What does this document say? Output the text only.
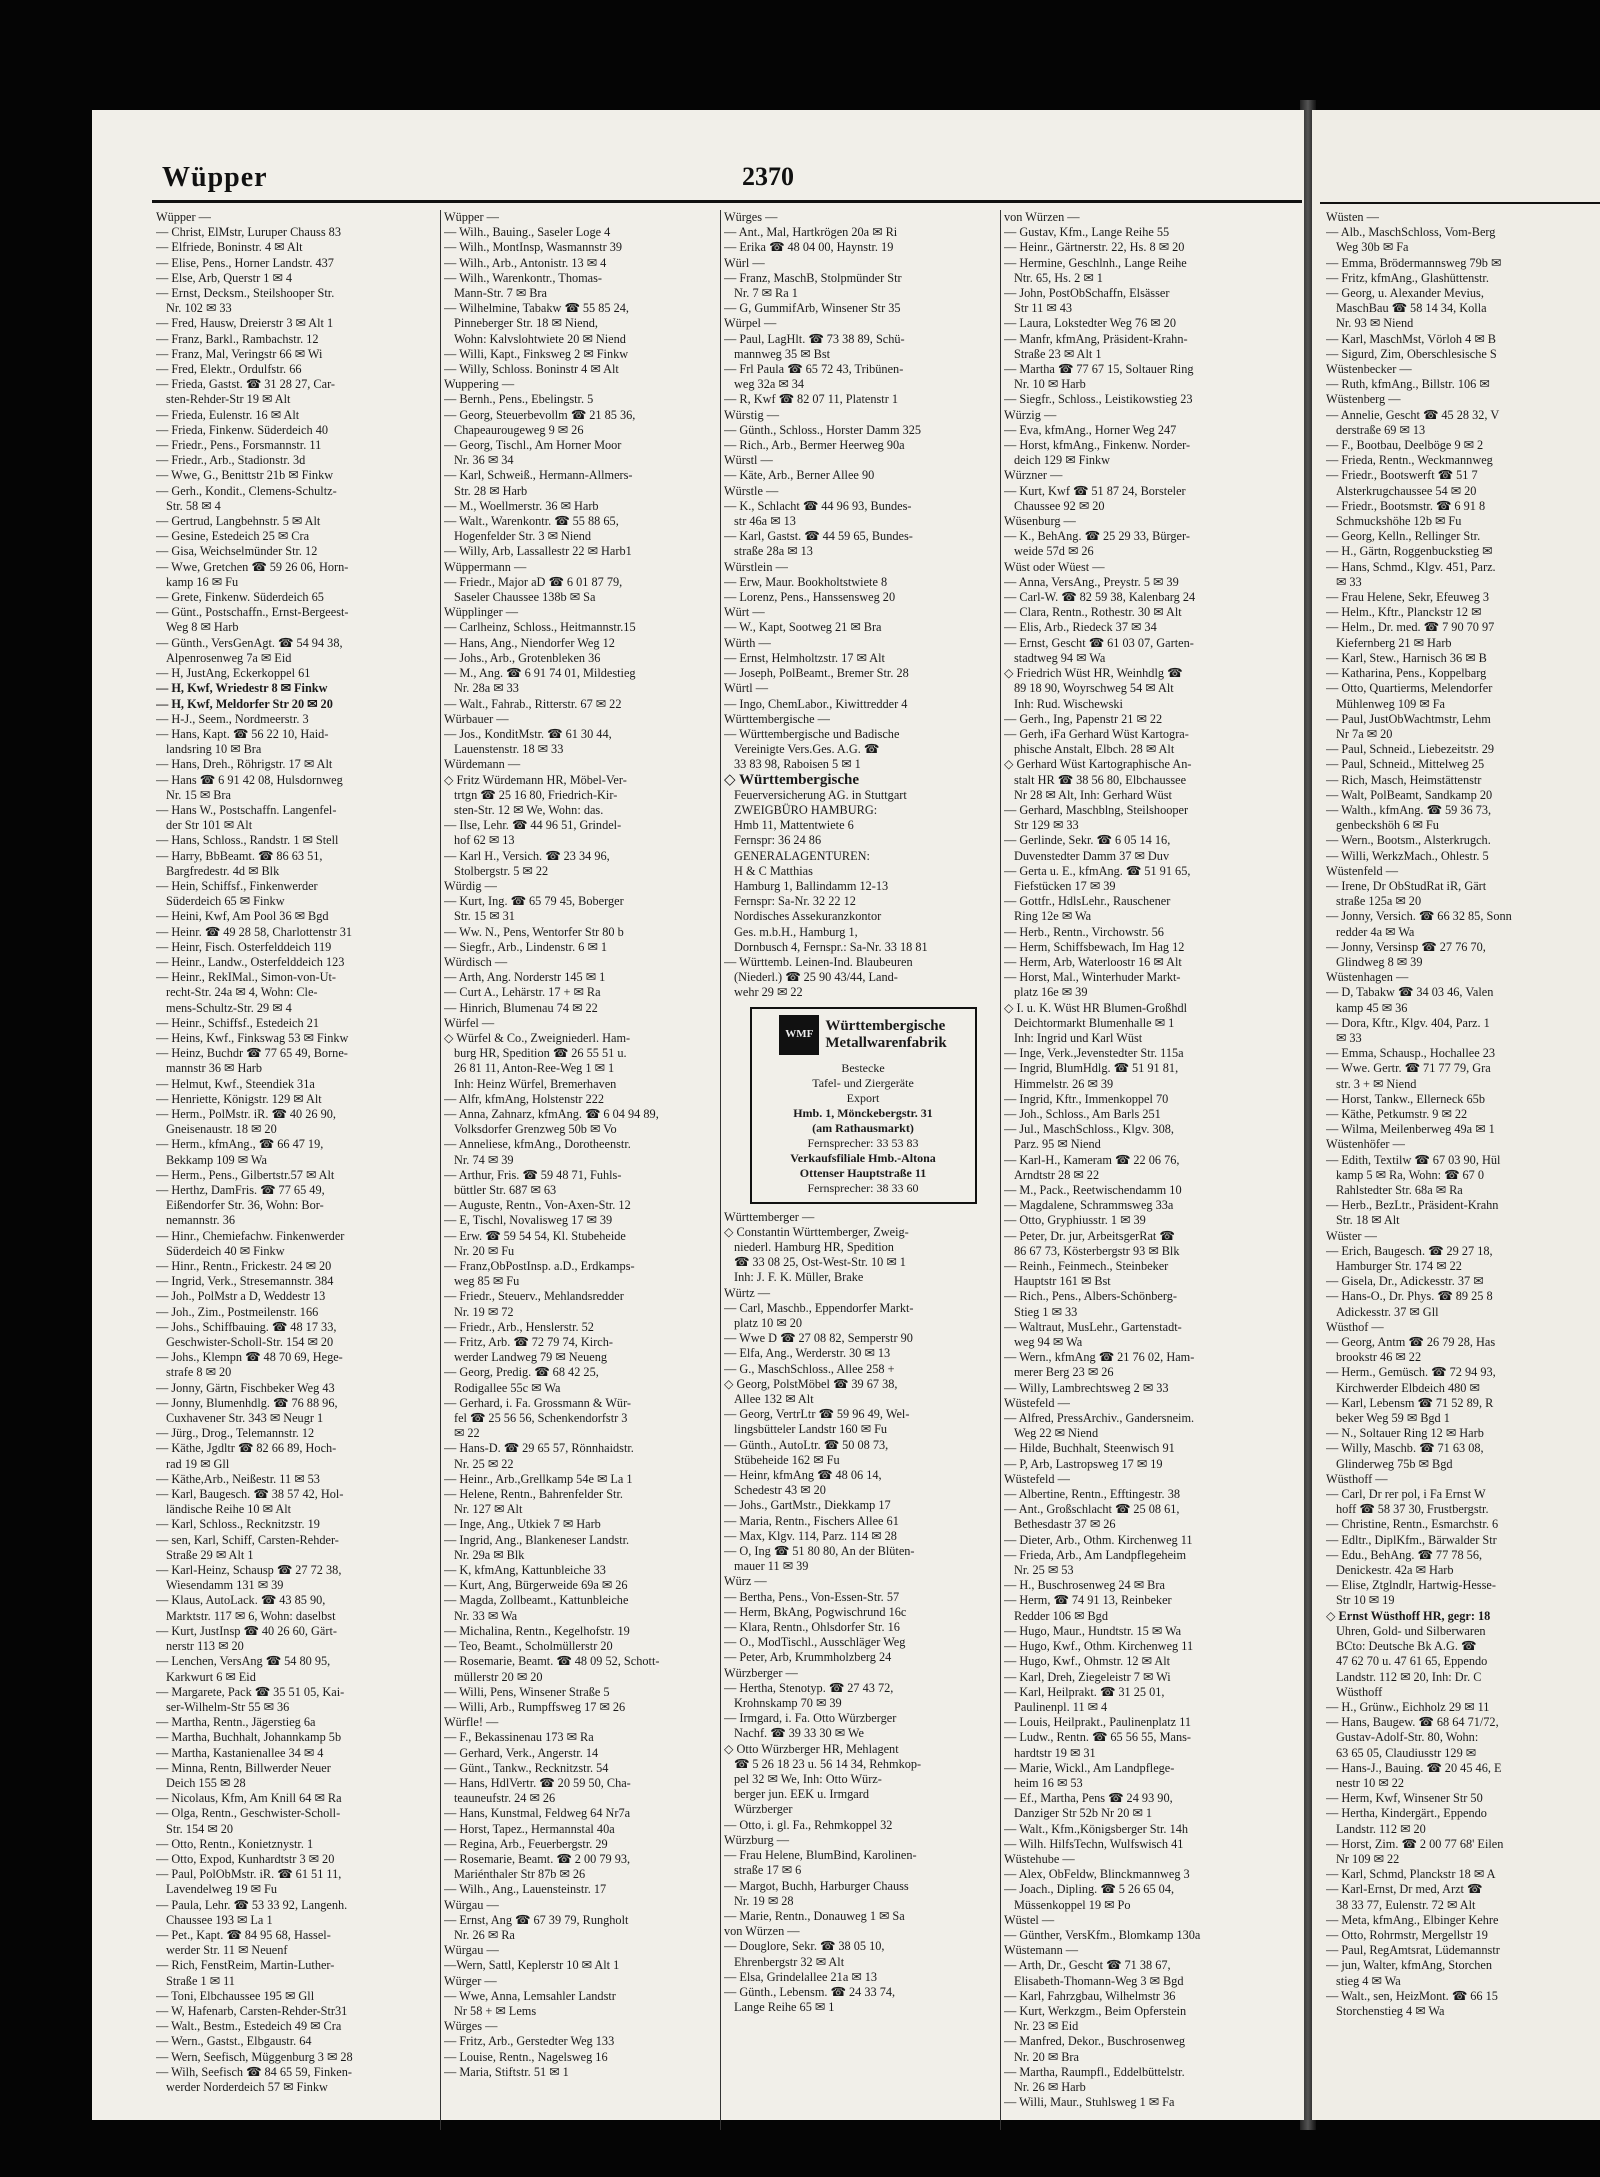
Wüpper	2370
Wüpper —
— Christ, ElMstr, Luruper Chauss 83
— Elfriede, Boninstr. 4 ✉ Alt
— Elise, Pens., Horner Landstr. 437
— Else, Arb, Querstr 1 ✉ 4
— Ernst, Decksm., Steilshooper Str.
Nr. 102 ✉ 33
— Fred, Hausw, Dreierstr 3 ✉ Alt 1
— Franz, Barkl., Rambachstr. 12
— Franz, Mal, Veringstr 66 ✉ Wi
— Fred, Elektr., Ordulfstr. 66
— Frieda, Gastst. ☎ 31 28 27, Car-
sten-Rehder-Str 19 ✉ Alt
— Frieda, Eulenstr. 16 ✉ Alt
— Frieda, Finkenw. Süderdeich 40
— Friedr., Pens., Forsmannstr. 11
— Friedr., Arb., Stadionstr. 3d
— Wwe, G., Benittstr 21b ✉ Finkw
— Gerh., Kondit., Clemens-Schultz-
Str. 58 ✉ 4
— Gertrud, Langbehnstr. 5 ✉ Alt
— Gesine, Estedeich 25 ✉ Cra
— Gisa, Weichselmünder Str. 12
— Wwe, Gretchen ☎ 59 26 06, Horn-
kamp 16 ✉ Fu
— Grete, Finkenw. Süderdeich 65
— Günt., Postschaffn., Ernst-Bergeest-
Weg 8 ✉ Harb
— Günth., VersGenAgt. ☎ 54 94 38,
Alpenrosenweg 7a ✉ Eid
— H, JustAng, Eckerkoppel 61
— H, Kwf, Wriedestr 8 ✉ Finkw
— H, Kwf, Meldorfer Str 20 ✉ 20
— H-J., Seem., Nordmeerstr. 3
— Hans, Kapt. ☎ 56 22 10, Haid-
landsring 10 ✉ Bra
— Hans, Dreh., Röhrigstr. 17 ✉ Alt
— Hans ☎ 6 91 42 08, Hulsdornweg
Nr. 15 ✉ Bra
— Hans W., Postschaffn. Langenfel-
der Str 101 ✉ Alt
— Hans, Schloss., Randstr. 1 ✉ Stell
— Harry, BbBeamt. ☎ 86 63 51,
Bargfredestr. 4d ✉ Blk
— Hein, Schiffsf., Finkenwerder
Süderdeich 65 ✉ Finkw
— Heini, Kwf, Am Pool 36 ✉ Bgd
— Heinr. ☎ 49 28 58, Charlottenstr 31
— Heinr, Fisch. Osterfelddeich 119
— Heinr., Landw., Osterfelddeich 123
— Heinr., RekIMal., Simon-von-Ut-
recht-Str. 24a ✉ 4, Wohn: Cle-
mens-Schultz-Str. 29 ✉ 4
— Heinr., Schiffsf., Estedeich 21
— Heins, Kwf., Finkswag 53 ✉ Finkw
— Heinz, Buchdr ☎ 77 65 49, Borne-
mannstr 36 ✉ Harb
— Helmut, Kwf., Steendiek 31a
— Henriette, Königstr. 129 ✉ Alt
— Herm., PolMstr. iR. ☎ 40 26 90,
Gneisenaustr. 18 ✉ 20
— Herm., kfmAng., ☎ 66 47 19,
Bekkamp 109 ✉ Wa
— Herm., Pens., Gilbertstr.57 ✉ Alt
— Herthz, DamFris. ☎ 77 65 49,
Eißendorfer Str. 36, Wohn: Bor-
nemannstr. 36
— Hinr., Chemiefachw. Finkenwerder
Süderdeich 40 ✉ Finkw
— Hinr., Rentn., Frickestr. 24 ✉ 20
— Ingrid, Verk., Stresemannstr. 384
— Joh., PolMstr a D, Weddestr 13
— Joh., Zim., Postmeilenstr. 166
— Johs., Schiffbauing. ☎ 48 17 33,
Geschwister-Scholl-Str. 154 ✉ 20
— Johs., Klempn ☎ 48 70 69, Hege-
strafe 8 ✉ 20
— Jonny, Gärtn, Fischbeker Weg 43
— Jonny, Blumenhdlg. ☎ 76 88 96,
Cuxhavener Str. 343 ✉ Neugr 1
— Jürg., Drog., Telemannstr. 12
— Käthe, Jgdltr ☎ 82 66 89, Hoch-
rad 19 ✉ Gll
— Käthe,Arb., Neißestr. 11 ✉ 53
— Karl, Baugesch. ☎ 38 57 42, Hol-
ländische Reihe 10 ✉ Alt
— Karl, Schloss., Recknitzstr. 19
— sen, Karl, Schiff, Carsten-Rehder-
Straße 29 ✉ Alt 1
— Karl-Heinz, Schausp ☎ 27 72 38,
Wiesendamm 131 ✉ 39
— Klaus, AutoLack. ☎ 43 85 90,
Marktstr. 117 ✉ 6, Wohn: daselbst
— Kurt, JustInsp ☎ 40 26 60, Gärt-
nerstr 113 ✉ 20
— Lenchen, VersAng ☎ 54 80 95,
Karkwurt 6 ✉ Eid
— Margarete, Pack ☎ 35 51 05, Kai-
ser-Wilhelm-Str 55 ✉ 36
— Martha, Rentn., Jägerstieg 6a
— Martha, Buchhalt, Johannkamp 5b
— Martha, Kastanienallee 34 ✉ 4
— Minna, Rentn, Billwerder Neuer
Deich 155 ✉ 28
— Nicolaus, Kfm, Am Knill 64 ✉ Ra
— Olga, Rentn., Geschwister-Scholl-
Str. 154 ✉ 20
— Otto, Rentn., Konietznystr. 1
— Otto, Expod, Kunhardtstr 3 ✉ 20
— Paul, PolObMstr. iR. ☎ 61 51 11,
Lavendelweg 19 ✉ Fu
— Paula, Lehr. ☎ 53 33 92, Langenh.
Chaussee 193 ✉ La 1
— Pet., Kapt. ☎ 84 95 68, Hassel-
werder Str. 11 ✉ Neuenf
— Rich, FenstReim, Martin-Luther-
Straße 1 ✉ 11
— Toni, Elbchaussee 195 ✉ Gll
— W, Hafenarb, Carsten-Rehder-Str31
— Walt., Bestm., Estedeich 49 ✉ Cra
— Wern., Gastst., Elbgaustr. 64
— Wern, Seefisch, Müggenburg 3 ✉ 28
— Wilh, Seefisch ☎ 84 65 59, Finken-
werder Norderdeich 57 ✉ Finkw
Wüpper —
— Wilh., Bauing., Saseler Loge 4
— Wilh., MontInsp, Wasmannstr 39
— Wilh., Arb., Antonistr. 13 ✉ 4
— Wilh., Warenkontr., Thomas-
Mann-Str. 7 ✉ Bra
— Wilhelmine, Tabakw ☎ 55 85 24,
Pinneberger Str. 18 ✉ Niend,
Wohn: Kalvslohtwiete 20 ✉ Niend
— Willi, Kapt., Finksweg 2 ✉ Finkw
— Willy, Schloss. Boninstr 4 ✉ Alt
Wuppering —
— Bernh., Pens., Ebelingstr. 5
— Georg, Steuerbevollm ☎ 21 85 36,
Chapeaurougeweg 9 ✉ 26
— Georg, Tischl., Am Horner Moor
Nr. 36 ✉ 34
— Karl, Schweiß., Hermann-Allmers-
Str. 28 ✉ Harb
— M., Woellmerstr. 36 ✉ Harb
— Walt., Warenkontr. ☎ 55 88 65,
Hogenfelder Str. 3 ✉ Niend
— Willy, Arb, Lassallestr 22 ✉ Harb1
Wüppermann —
— Friedr., Major aD ☎ 6 01 87 79,
Saseler Chaussee 138b ✉ Sa
Wüpplinger —
— Carlheinz, Schloss., Heitmannstr.15
— Hans, Ang., Niendorfer Weg 12
— Johs., Arb., Grotenbleken 36
— M., Ang. ☎ 6 91 74 01, Mildestieg
Nr. 28a ✉ 33
— Walt., Fahrab., Ritterstr. 67 ✉ 22
Würbauer —
— Jos., KonditMstr. ☎ 61 30 44,
Lauenstenstr. 18 ✉ 33
Würdemann —
◇ Fritz Würdemann HR, Möbel-Ver-
trtgn ☎ 25 16 80, Friedrich-Kir-
sten-Str. 12 ✉ We, Wohn: das.
— Ilse, Lehr. ☎ 44 96 51, Grindel-
hof 62 ✉ 13
— Karl H., Versich. ☎ 23 34 96,
Stolbergstr. 5 ✉ 22
Würdig —
— Kurt, Ing. ☎ 65 79 45, Boberger
Str. 15 ✉ 31
— Ww. N., Pens, Wentorfer Str 80 b
— Siegfr., Arb., Lindenstr. 6 ✉ 1
Würdisch —
— Arth, Ang. Norderstr 145 ✉ 1
— Curt A., Lehärstr. 17 + ✉ Ra
— Hinrich, Blumenau 74 ✉ 22
Würfel —
◇ Würfel & Co., Zweigniederl. Ham-
burg HR, Spedition ☎ 26 55 51 u.
26 81 11, Anton-Ree-Weg 1 ✉ 1
Inh: Heinz Würfel, Bremerhaven
— Alfr, kfmAng, Holstenstr 222
— Anna, Zahnarz, kfmAng. ☎ 6 04 94 89,
Volksdorfer Grenzweg 50b ✉ Vo
— Anneliese, kfmAng., Dorotheenstr.
Nr. 74 ✉ 39
— Arthur, Fris. ☎ 59 48 71, Fuhls-
büttler Str. 687 ✉ 63
— Auguste, Rentn., Von-Axen-Str. 12
— E, Tischl, Novalisweg 17 ✉ 39
— Erw. ☎ 59 54 54, Kl. Stubeheide
Nr. 20 ✉ Fu
— Franz,ObPostInsp. a.D., Erdkamps-
weg 85 ✉ Fu
— Friedr., Steuerv., Mehlandsredder
Nr. 19 ✉ 72
— Friedr., Arb., Henslerstr. 52
— Fritz, Arb. ☎ 72 79 74, Kirch-
werder Landweg 79 ✉ Neueng
— Georg, Predig. ☎ 68 42 25,
Rodigallee 55c ✉ Wa
— Gerhard, i. Fa. Grossmann & Wür-
fel ☎ 25 56 56, Schenkendorfstr 3
✉ 22
— Hans-D. ☎ 29 65 57, Rönnhaidstr.
Nr. 25 ✉ 22
— Heinr., Arb.,Grellkamp 54e ✉ La 1
— Helene, Rentn., Bahrenfelder Str.
Nr. 127 ✉ Alt
— Inge, Ang., Utkiek 7 ✉ Harb
— Ingrid, Ang., Blankeneser Landstr.
Nr. 29a ✉ Blk
— K, kfmAng, Kattunbleiche 33
— Kurt, Ang, Bürgerweide 69a ✉ 26
— Magda, Zollbeamt., Kattunbleiche
Nr. 33 ✉ Wa
— Michalina, Rentn., Kegelhofstr. 19
— Teo, Beamt., Scholmüllerstr 20
— Rosemarie, Beamt. ☎ 48 09 52, Schott-
müllerstr 20 ✉ 20
— Willi, Pens, Winsener Straße 5
— Willi, Arb., Rumpffsweg 17 ✉ 26
Würfle! —
— F., Bekassinenau 173 ✉ Ra
— Gerhard, Verk., Angerstr. 14
— Günt., Tankw., Recknitzstr. 54
— Hans, HdlVertr. ☎ 20 59 50, Cha-
teauneufstr. 24 ✉ 26
— Hans, Kunstmal, Feldweg 64 Nr7a
— Horst, Tapez., Hermannstal 40a
— Regina, Arb., Feuerbergstr. 29
— Rosemarie, Beamt. ☎ 2 00 79 93,
Mariénthaler Str 87b ✉ 26
— Wilh., Ang., Lauensteinstr. 17
Würgau —
— Ernst, Ang ☎ 67 39 79, Rungholt
Nr. 26 ✉ Ra
Würgau —
—Wern, Sattl, Keplerstr 10 ✉ Alt 1
Würger —
— Wwe, Anna, Lemsahler Landstr
Nr 58 + ✉ Lems
Würges —
— Fritz, Arb., Gerstedter Weg 133
— Louise, Rentn., Nagelsweg 16
— Maria, Stiftstr. 51 ✉ 1
Würges —
— Ant., Mal, Hartkrögen 20a ✉ Ri
— Erika ☎ 48 04 00, Haynstr. 19
Würl —
— Franz, MaschB, Stolpmünder Str
Nr. 7 ✉ Ra 1
— G, GummifArb, Winsener Str 35
Würpel —
— Paul, LagHlt. ☎ 73 38 89, Schü-
mannweg 35 ✉ Bst
— Frl Paula ☎ 65 72 43, Tribünen-
weg 32a ✉ 34
— R, Kwf ☎ 82 07 11, Platenstr 1
Würstig —
— Günth., Schloss., Horster Damm 325
— Rich., Arb., Bermer Heerweg 90a
Würstl —
— Käte, Arb., Berner Allee 90
Würstle —
— K., Schlacht ☎ 44 96 93, Bundes-
str 46a ✉ 13
— Karl, Gastst. ☎ 44 59 65, Bundes-
straße 28a ✉ 13
Würstlein —
— Erw, Maur. Bookholtstwiete 8
— Lorenz, Pens., Hanssensweg 20
Würt —
— W., Kapt, Sootweg 21 ✉ Bra
Würth —
— Ernst, Helmholtzstr. 17 ✉ Alt
— Joseph, PolBeamt., Bremer Str. 28
Würtl —
— Ingo, ChemLabor., Kiwittredder 4
Württembergische —
— Württembergische und Badische
Vereinigte Vers.Ges. A.G. ☎
33 83 98, Raboisen 5 ✉ 1
◇ Württembergische
Feuerversicherung AG. in Stuttgart
ZWEIGBÜRO HAMBURG:
Hmb 11, Mattentwiete 6
Fernspr: 36 24 86
GENERALAGENTUREN:
H & C Matthias
Hamburg 1, Ballindamm 12-13
Fernspr: Sa-Nr. 32 22 12
Nordisches Assekuranzkontor
Ges. m.b.H., Hamburg 1,
Dornbusch 4, Fernspr.: Sa-Nr. 33 18 81
— Württemb. Leinen-Ind. Blaubeuren
(Niederl.) ☎ 25 90 43/44, Land-
wehr 29 ✉ 22
WMF
Württembergische
Metallwarenfabrik
Bestecke
Tafel- und Ziergeräte
Export
Hmb. 1, Mönckebergstr. 31
(am Rathausmarkt)
Fernsprecher: 33 53 83
Verkaufsfiliale Hmb.-Altona
Ottenser Hauptstraße 11
Fernsprecher: 38 33 60
Württemberger —
◇ Constantin Württemberger, Zweig-
niederl. Hamburg HR, Spedition
☎ 33 08 25, Ost-West-Str. 10 ✉ 1
Inh: J. F. K. Müller, Brake
Würtz —
— Carl, Maschb., Eppendorfer Markt-
platz 10 ✉ 20
— Wwe D ☎ 27 08 82, Semperstr 90
— Elfa, Ang., Werderstr. 30 ✉ 13
— G., MaschSchloss., Allee 258 +
◇ Georg, PolstMöbel ☎ 39 67 38,
Allee 132 ✉ Alt
— Georg, VertrLtr ☎ 59 96 49, Wel-
lingsbütteler Landstr 160 ✉ Fu
— Günth., AutoLtr. ☎ 50 08 73,
Stübeheide 162 ✉ Fu
— Heinr, kfmAng ☎ 48 06 14,
Schedestr 43 ✉ 20
— Johs., GartMstr., Diekkamp 17
— Maria, Rentn., Fischers Allee 61
— Max, Klgv. 114, Parz. 114 ✉ 28
— O, Ing ☎ 51 80 80, An der Blüten-
mauer 11 ✉ 39
Würz —
— Bertha, Pens., Von-Essen-Str. 57
— Herm, BkAng, Pogwischrund 16c
— Klara, Rentn., Ohlsdorfer Str. 16
— O., ModTischl., Ausschläger Weg
— Peter, Arb, Krummholzberg 24
Würzberger —
— Hertha, Stenotyp. ☎ 27 43 72,
Krohnskamp 70 ✉ 39
— Irmgard, i. Fa. Otto Würzberger
Nachf. ☎ 39 33 30 ✉ We
◇ Otto Würzberger HR, Mehlagent
☎ 5 26 18 23 u. 56 14 34, Rehmkop-
pel 32 ✉ We, Inh: Otto Würz-
berger jun. EEK u. Irmgard
Würzberger
— Otto, i. gl. Fa., Rehmkoppel 32
Würzburg —
— Frau Helene, BlumBind, Karolinen-
straße 17 ✉ 6
— Margot, Buchh, Harburger Chauss
Nr. 19 ✉ 28
— Marie, Rentn., Donauweg 1 ✉ Sa
von Würzen —
— Douglore, Sekr. ☎ 38 05 10,
Ehrenbergstr 32 ✉ Alt
— Elsa, Grindelallee 21a ✉ 13
— Günth., Lebensm. ☎ 24 33 74,
Lange Reihe 65 ✉ 1
von Würzen —
— Gustav, Kfm., Lange Reihe 55
— Heinr., Gärtnerstr. 22, Hs. 8 ✉ 20
— Hermine, Geschlnh., Lange Reihe
Ntr. 65, Hs. 2 ✉ 1
— John, PostObSchaffn, Elsässer
Str 11 ✉ 43
— Laura, Lokstedter Weg 76 ✉ 20
— Manfr, kfmAng, Präsident-Krahn-
Straße 23 ✉ Alt 1
— Martha ☎ 77 67 15, Soltauer Ring
Nr. 10 ✉ Harb
— Siegfr., Schloss., Leistikowstieg 23
Würzig —
— Eva, kfmAng., Horner Weg 247
— Horst, kfmAng., Finkenw. Norder-
deich 129 ✉ Finkw
Würzner —
— Kurt, Kwf ☎ 51 87 24, Borsteler
Chaussee 92 ✉ 20
Wüsenburg —
— K., BehAng. ☎ 25 29 33, Bürger-
weide 57d ✉ 26
Wüst oder Wüest —
— Anna, VersAng., Preystr. 5 ✉ 39
— Carl-W. ☎ 82 59 38, Kalenbarg 24
— Clara, Rentn., Rothestr. 30 ✉ Alt
— Elis, Arb., Riedeck 37 ✉ 34
— Ernst, Gescht ☎ 61 03 07, Garten-
stadtweg 94 ✉ Wa
◇ Friedrich Wüst HR, Weinhdlg ☎
89 18 90, Woyrschweg 54 ✉ Alt
Inh: Rud. Wischewski
— Gerh., Ing, Papenstr 21 ✉ 22
— Gerh, iFa Gerhard Wüst Kartogra-
phische Anstalt, Elbch. 28 ✉ Alt
◇ Gerhard Wüst Kartographische An-
stalt HR ☎ 38 56 80, Elbchaussee
Nr 28 ✉ Alt, Inh: Gerhard Wüst
— Gerhard, Maschblng, Steilshooper
Str 129 ✉ 33
— Gerlinde, Sekr. ☎ 6 05 14 16,
Duvenstedter Damm 37 ✉ Duv
— Gerta u. E., kfmAng. ☎ 51 91 65,
Fiefstücken 17 ✉ 39
— Gottfr., HdlsLehr., Rauschener
Ring 12e ✉ Wa
— Herb., Rentn., Virchowstr. 56
— Herm, Schiffsbewach, Im Hag 12
— Herm, Arb, Waterloostr 16 ✉ Alt
— Horst, Mal., Winterhuder Markt-
platz 16e ✉ 39
◇ I. u. K. Wüst HR Blumen-Großhdl
Deichtormarkt Blumenhalle ✉ 1
Inh: Ingrid und Karl Wüst
— Inge, Verk.,Jevenstedter Str. 115a
— Ingrid, BlumHdlg. ☎ 51 91 81,
Himmelstr. 26 ✉ 39
— Ingrid, Kftr., Immenkoppel 70
— Joh., Schloss., Am Barls 251
— Jul., MaschSchloss., Klgv. 308,
Parz. 95 ✉ Niend
— Karl-H., Kameram ☎ 22 06 76,
Arndtstr 28 ✉ 22
— M., Pack., Reetwischendamm 10
— Magdalene, Schrammsweg 33a
— Otto, Gryphiusstr. 1 ✉ 39
— Peter, Dr. jur, ArbeitsgerRat ☎
86 67 73, Kösterbergstr 93 ✉ Blk
— Reinh., Feinmech., Steinbeker
Hauptstr 161 ✉ Bst
— Rich., Pens., Albers-Schönberg-
Stieg 1 ✉ 33
— Waltraut, MusLehr., Gartenstadt-
weg 94 ✉ Wa
— Wern., kfmAng ☎ 21 76 02, Ham-
merer Berg 23 ✉ 26
— Willy, Lambrechtsweg 2 ✉ 33
Wüstefeld —
— Alfred, PressArchiv., Gandersneim.
Weg 22 ✉ Niend
— Hilde, Buchhalt, Steenwisch 91
— P, Arb, Lastropsweg 17 ✉ 19
Wüstefeld —
— Albertine, Rentn., Efftingestr. 38
— Ant., Großschlacht ☎ 25 08 61,
Bethesdastr 37 ✉ 26
— Dieter, Arb., Othm. Kirchenweg 11
— Frieda, Arb., Am Landpflegeheim
Nr. 25 ✉ 53
— H., Buschrosenweg 24 ✉ Bra
— Herm, ☎ 74 91 13, Reinbeker
Redder 106 ✉ Bgd
— Hugo, Maur., Hundtstr. 15 ✉ Wa
— Hugo, Kwf., Othm. Kirchenweg 11
— Hugo, Kwf., Ohmstr. 12 ✉ Alt
— Karl, Dreh, Ziegeleistr 7 ✉ Wi
— Karl, Heilprakt. ☎ 31 25 01,
Paulinenpl. 11 ✉ 4
— Louis, Heilprakt., Paulinenplatz 11
— Ludw., Rentn. ☎ 65 56 55, Mans-
hardtstr 19 ✉ 31
— Marie, Wickl., Am Landpflege-
heim 16 ✉ 53
— Ef., Martha, Pens ☎ 24 93 90,
Danziger Str 52b Nr 20 ✉ 1
— Walt., Kfm.,Königsberger Str. 14h
— Wilh. HilfsTechn, Wulfswisch 41
Wüstehube —
— Alex, ObFeldw, Blinckmannweg 3
— Joach., Dipling. ☎ 5 26 65 04,
Müssenkoppel 19 ✉ Po
Wüstel —
— Günther, VersKfm., Blomkamp 130a
Wüstemann —
— Arth, Dr., Gescht ☎ 71 38 67,
Elisabeth-Thomann-Weg 3 ✉ Bgd
— Karl, Fahrzgbau, Wilhelmstr 36
— Kurt, Werkzgm., Beim Opferstein
Nr. 23 ✉ Eid
— Manfred, Dekor., Buschrosenweg
Nr. 20 ✉ Bra
— Martha, Raumpfl., Eddelbüttelstr.
Nr. 26 ✉ Harb
— Willi, Maur., Stuhlsweg 1 ✉ Fa
Wüsten —
— Alb., MaschSchloss, Vom-Berg
Weg 30b ✉ Fa
— Emma, Brödermannsweg 79b ✉
— Fritz, kfmAng., Glashüttenstr.
— Georg, u. Alexander Mevius,
MaschBau ☎ 58 14 34, Kolla
Nr. 93 ✉ Niend
— Karl, MaschMst, Vörloh 4 ✉ B
— Sigurd, Zim, Oberschlesische S
Wüstenbecker —
— Ruth, kfmAng., Billstr. 106 ✉
Wüstenberg —
— Annelie, Gescht ☎ 45 28 32, V
derstraße 69 ✉ 13
— F., Bootbau, Deelböge 9 ✉ 2
— Frieda, Rentn., Weckmannweg
— Friedr., Bootswerft ☎ 51 7
Alsterkrugchaussee 54 ✉ 20
— Friedr., Bootsmstr. ☎ 6 91 8
Schmuckshöhe 12b ✉ Fu
— Georg, Kelln., Rellinger Str.
— H., Gärtn, Roggenbuckstieg ✉
— Hans, Schmd., Klgv. 451, Parz.
✉ 33
— Frau Helene, Sekr, Efeuweg 3
— Helm., Kftr., Planckstr 12 ✉
— Helm., Dr. med. ☎ 7 90 70 97
Kiefernberg 21 ✉ Harb
— Karl, Stew., Harnisch 36 ✉ B
— Katharina, Pens., Koppelbarg
— Otto, Quartierms, Melendorfer
Mühlenweg 109 ✉ Fa
— Paul, JustObWachtmstr, Lehm
Nr 7a ✉ 20
— Paul, Schneid., Liebezeitstr. 29
— Paul, Schneid., Mittelweg 25
— Rich, Masch, Heimstättenstr
— Walt, PolBeamt, Sandkamp 20
— Walth., kfmAng. ☎ 59 36 73,
genbeckshöh 6 ✉ Fu
— Wern., Bootsm., Alsterkrugch.
— Willi, WerkzMach., Ohlestr. 5
Wüstenfeld —
— Irene, Dr ObStudRat iR, Gärt
straße 125a ✉ 20
— Jonny, Versich. ☎ 66 32 85, Sonn
redder 4a ✉ Wa
— Jonny, Versinsp ☎ 27 76 70,
Glindweg 8 ✉ 39
Wüstenhagen —
— D, Tabakw ☎ 34 03 46, Valen
kamp 45 ✉ 36
— Dora, Kftr., Klgv. 404, Parz. 1
✉ 33
— Emma, Schausp., Hochallee 23
— Wwe. Gertr. ☎ 71 77 79, Gra
str. 3 + ✉ Niend
— Horst, Tankw., Ellerneck 65b
— Käthe, Petkumstr. 9 ✉ 22
— Wilma, Meilenberweg 49a ✉ 1
Wüstenhöfer —
— Edith, Textilw ☎ 67 03 90, Hül
kamp 5 ✉ Ra, Wohn: ☎ 67 0
Rahlstedter Str. 68a ✉ Ra
— Herb., BezLtr., Präsident-Krahn
Str. 18 ✉ Alt
Wüster —
— Erich, Baugesch. ☎ 29 27 18,
Hamburger Str. 174 ✉ 22
— Gisela, Dr., Adickesstr. 37 ✉
— Hans-O., Dr. Phys. ☎ 89 25 8
Adickesstr. 37 ✉ Gll
Wüsthof —
— Georg, Antm ☎ 26 79 28, Has
brookstr 46 ✉ 22
— Herm., Gemüsch. ☎ 72 94 93,
Kirchwerder Elbdeich 480 ✉
— Karl, Lebensm ☎ 71 52 89, R
beker Weg 59 ✉ Bgd 1
— N., Soltauer Ring 12 ✉ Harb
— Willy, Maschb. ☎ 71 63 08,
Glinderweg 75b ✉ Bgd
Wüsthoff —
— Carl, Dr rer pol, i Fa Ernst W
hoff ☎ 58 37 30, Frustbergstr.
— Christine, Rentn., Esmarchstr. 6
— Edltr., DiplKfm., Bärwalder Str
— Edu., BehAng. ☎ 77 78 56,
Denickestr. 42a ✉ Harb
— Elise, Ztglndlr, Hartwig-Hesse-
Str 10 ✉ 19
◇ Ernst Wüsthoff HR, gegr: 18
Uhren, Gold- und Silberwaren
BCto: Deutsche Bk A.G. ☎
47 62 70 u. 47 61 65, Eppendo
Landstr. 112 ✉ 20, Inh: Dr. C
Wüsthoff
— H., Grünw., Eichholz 29 ✉ 11
— Hans, Baugew. ☎ 68 64 71/72,
Gustav-Adolf-Str. 80, Wohn:
63 65 05, Claudiusstr 129 ✉
— Hans-J., Bauing. ☎ 20 45 46, E
nestr 10 ✉ 22
— Herm, Kwf, Winsener Str 50
— Hertha, Kindergärt., Eppendo
Landstr. 112 ✉ 20
— Horst, Zim. ☎ 2 00 77 68' Eilen
Nr 109 ✉ 22
— Karl, Schmd, Planckstr 18 ✉ A
— Karl-Ernst, Dr med, Arzt ☎
38 33 77, Eulenstr. 72 ✉ Alt
— Meta, kfmAng., Elbinger Kehre
— Otto, Rohrmstr, Mergellstr 19
— Paul, RegAmtsrat, Lüdemannstr
— jun, Walter, kfmAng, Storchen
stieg 4 ✉ Wa
— Walt., sen, HeizMont. ☎ 66 15
Storchenstieg 4 ✉ Wa
